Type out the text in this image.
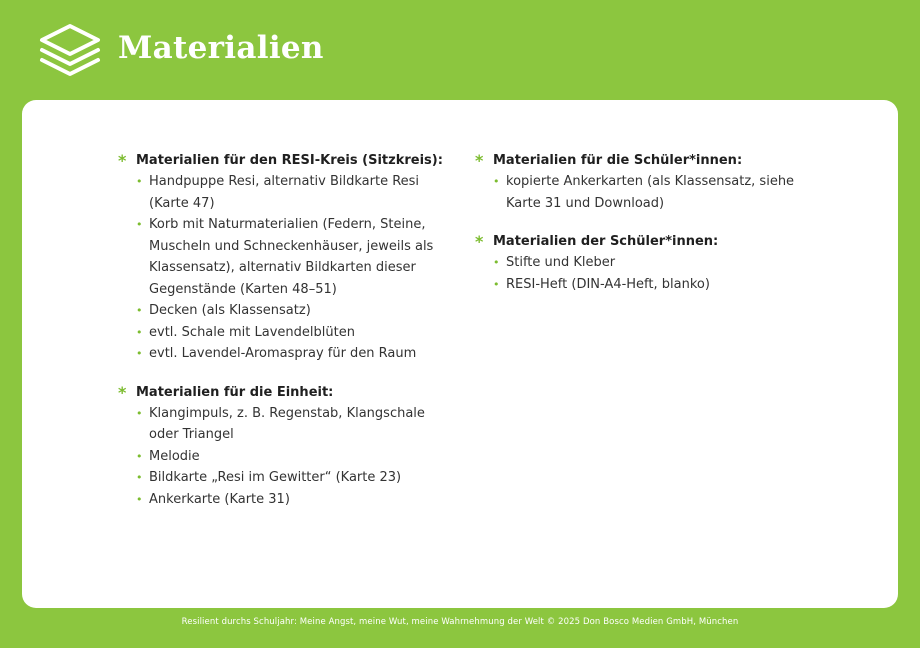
Materialien
* Materialien für den RESI-Kreis (Sitzkreis):
• Handpuppe Resi, alternativ Bildkarte Resi (Karte 47)
• Korb mit Naturmaterialien (Federn, Steine, Muscheln und Schneckenhäuser, jeweils als Klassensatz), alternativ Bildkarten dieser Gegenstände (Karten 48–51)
• Decken (als Klassensatz)
• evtl. Schale mit Lavendelblüten
• evtl. Lavendel-Aromaspray für den Raum
* Materialien für die Einheit:
• Klangimpuls, z. B. Regenstab, Klangschale oder Triangel
• Melodie
• Bildkarte „Resi im Gewitter“ (Karte 23)
• Ankerkarte (Karte 31)
* Materialien für die Schüler*innen:
• kopierte Ankerkarten (als Klassensatz, siehe Karte 31 und Download)
* Materialien der Schüler*innen:
• Stifte und Kleber
• RESI-Heft (DIN-A4-Heft, blanko)
Resilient durchs Schuljahr: Meine Angst, meine Wut, meine Wahrnehmung der Welt © 2025 Don Bosco Medien GmbH, München
